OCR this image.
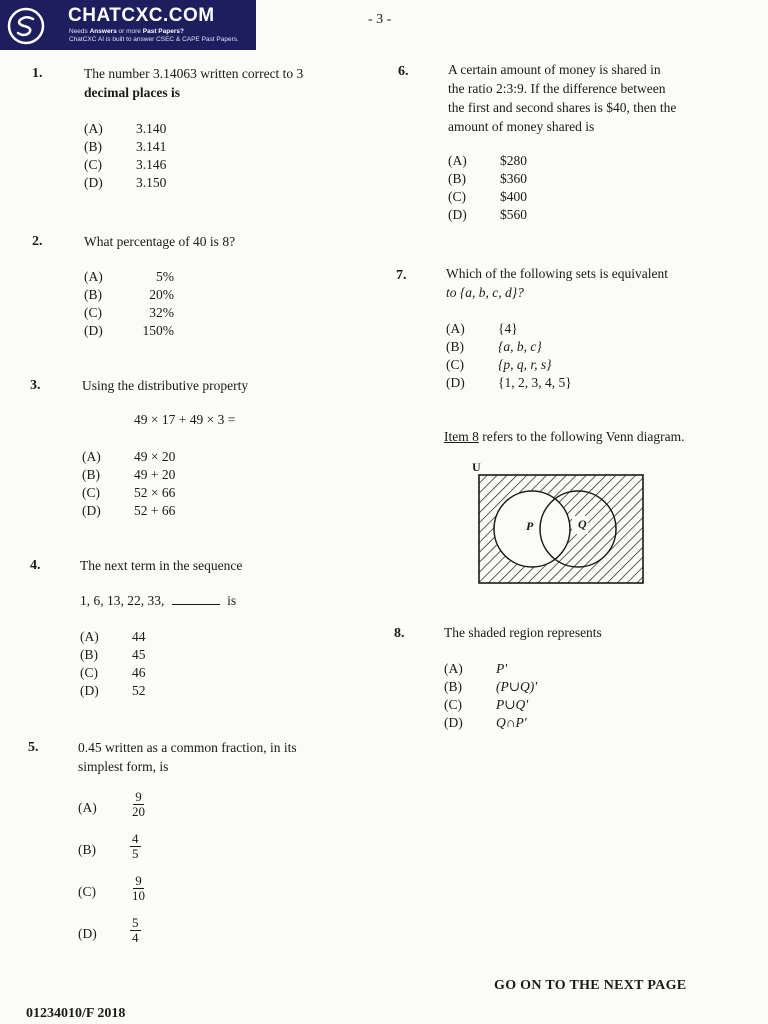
CHATCXC.COM
Needs Answers or more Past Papers?
ChatCXC AI is built to answer CSEC & CAPE Past Papers.
- 3 -
1.	The number 3.14063 written correct to 3
decimal places is
(A)	3.140
(B)	3.141
(C)	3.146
(D)	3.150
2.	What percentage of 40 is 8?
(A)	5%
(B)	20%
(C)	32%
(D)	150%
3.	Using the distributive property
49 × 17 + 49 × 3 =
(A)	49 × 20
(B)	49 + 20
(C)	52 × 66
(D)	52 + 66
4.	The next term in the sequence
1, 6, 13, 22, 33,	is
(A)	44
(B)	45
(C)	46
(D)	52
5.	0.45 written as a common fraction, in its
simplest form, is
(A)	$\frac{9}{20}$
(B)	$\frac{4}{5}$
(C)	$\frac{9}{10}$
(D)	$\frac{5}{4}$
6.	A certain amount of money is shared in
the ratio 2:3:9. If the difference between
the first and second shares is $40, then the
amount of money shared is
(A)	$280
(B)	$360
(C)	$400
(D)	$560
7.	Which of the following sets is equivalent
to {a, b, c, d}?
(A)	{4}
(B)	{a, b, c}
(C)	{p, q, r, s}
(D)	{1, 2, 3, 4, 5}
Item 8 refers to the following Venn diagram.
U
P	Q
8.	The shaded region represents
(A)	P'
(B)	(P∪Q)'
(C)	P∪Q'
(D)	Q∩P'
GO ON TO THE NEXT PAGE
01234010/F 2018
